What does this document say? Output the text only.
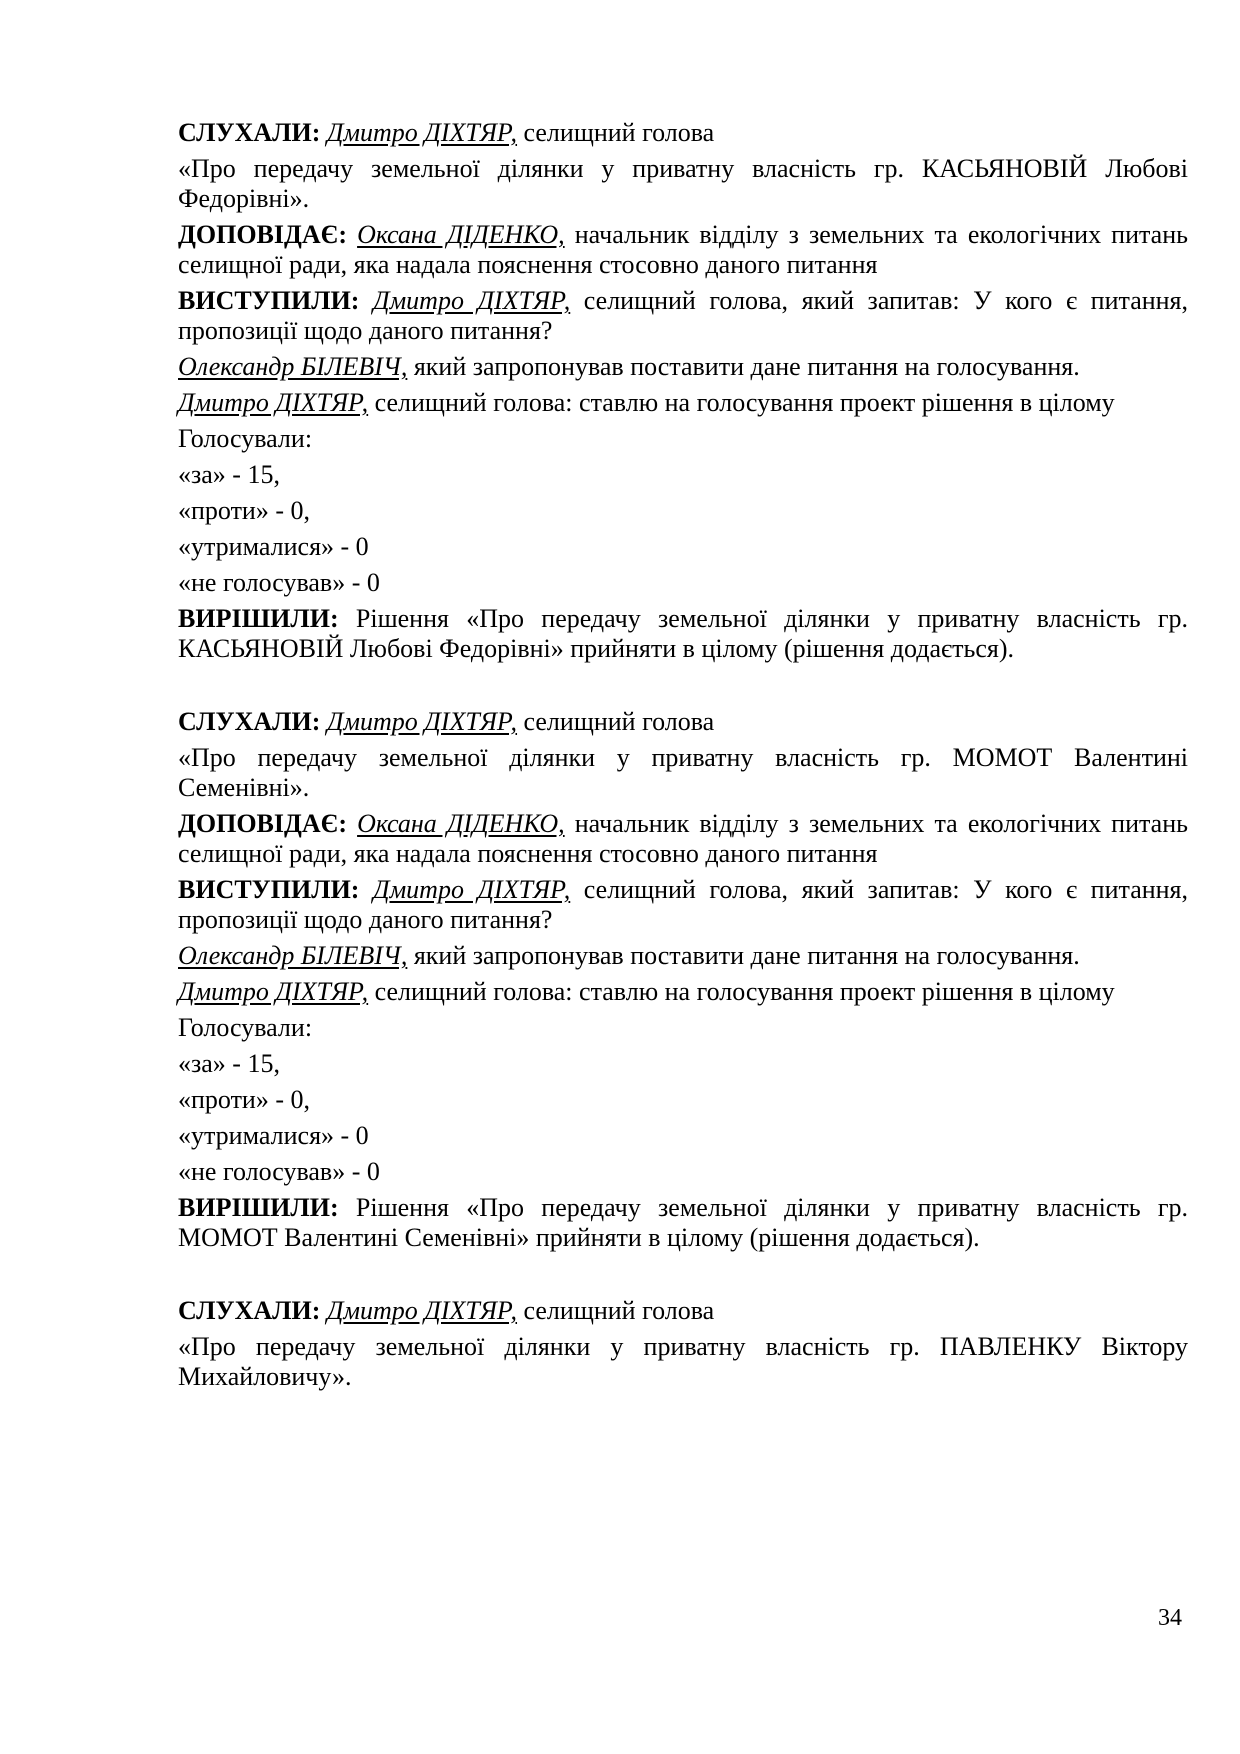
СЛУХАЛИ: Дмитро ДІХТЯР, селищний голова

«Про передачу земельної ділянки у приватну власність гр. КАСЬЯНОВІЙ Любові Федорівні».

ДОПОВІДАЄ: Оксана ДІДЕНКО, начальник відділу з земельних та екологічних питань селищної ради, яка надала пояснення стосовно даного питання

ВИСТУПИЛИ: Дмитро ДІХТЯР, селищний голова, який запитав: У кого є питання, пропозиції щодо даного питання?

Олександр БІЛЕВІЧ, який запропонував поставити дане питання на голосування.

Дмитро ДІХТЯР, селищний голова: ставлю на голосування проект рішення в цілому

Голосували:

«за» - 15,

«проти» - 0,

«утрималися» - 0

«не голосував» - 0

ВИРІШИЛИ: Рішення «Про передачу земельної ділянки у приватну власність гр. КАСЬЯНОВІЙ Любові Федорівні» прийняти в цілому (рішення додається).

СЛУХАЛИ: Дмитро ДІХТЯР, селищний голова

«Про передачу земельної ділянки у приватну власність гр. МОМОТ Валентині Семенівні».

ДОПОВІДАЄ: Оксана ДІДЕНКО, начальник відділу з земельних та екологічних питань селищної ради, яка надала пояснення стосовно даного питання

ВИСТУПИЛИ: Дмитро ДІХТЯР, селищний голова, який запитав: У кого є питання, пропозиції щодо даного питання?

Олександр БІЛЕВІЧ, який запропонував поставити дане питання на голосування.

Дмитро ДІХТЯР, селищний голова: ставлю на голосування проект рішення в цілому

Голосували:

«за» - 15,

«проти» - 0,

«утрималися» - 0

«не голосував» - 0

ВИРІШИЛИ: Рішення «Про передачу земельної ділянки у приватну власність гр. МОМОТ Валентині Семенівні» прийняти в цілому (рішення додається).

СЛУХАЛИ: Дмитро ДІХТЯР, селищний голова

«Про передачу земельної ділянки у приватну власність гр. ПАВЛЕНКУ Віктору Михайловичу».

34
